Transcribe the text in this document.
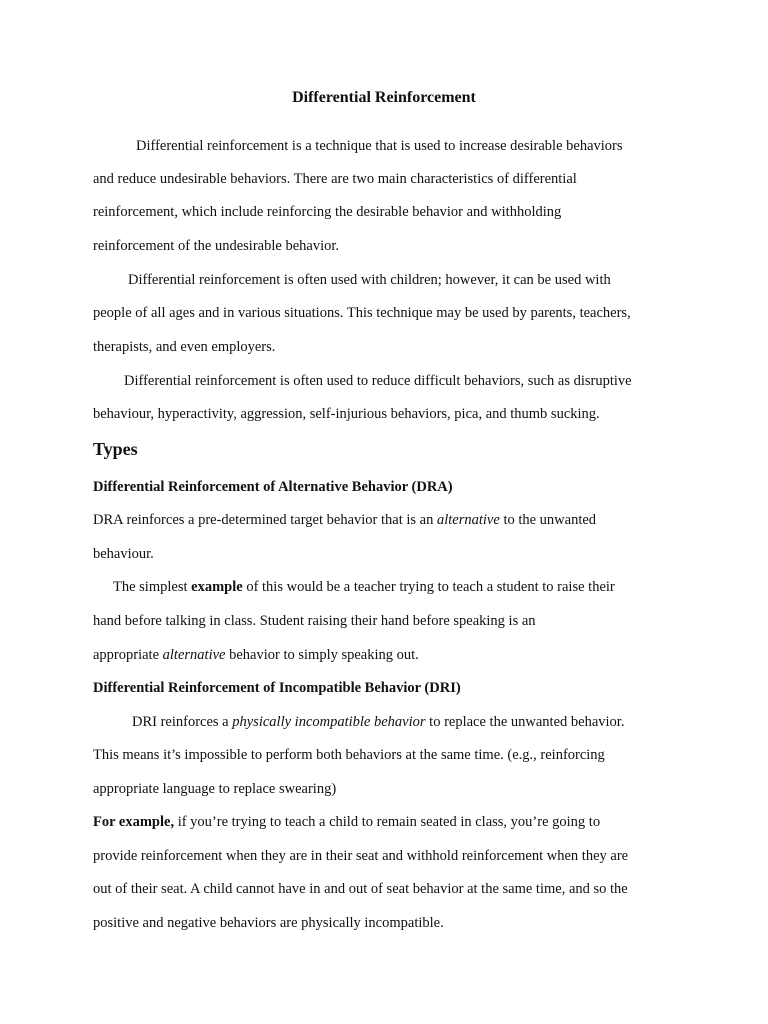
Differential Reinforcement
Differential reinforcement is a technique that is used to increase desirable behaviors
and reduce undesirable behaviors. There are two main characteristics of differential
reinforcement, which include reinforcing the desirable behavior and withholding
reinforcement of the undesirable behavior.
Differential reinforcement is often used with children; however, it can be used with
people of all ages and in various situations. This technique may be used by parents, teachers,
therapists, and even employers.
Differential reinforcement is often used to reduce difficult behaviors, such as disruptive
behaviour, hyperactivity, aggression, self-injurious behaviors, pica, and thumb sucking.
Types
Differential Reinforcement of Alternative Behavior (DRA)
DRA reinforces a pre-determined target behavior that is an alternative to the unwanted
behaviour.
The simplest example of this would be a teacher trying to teach a student to raise their
hand before talking in class. Student raising their hand before speaking is an
appropriate alternative behavior to simply speaking out.
Differential Reinforcement of Incompatible Behavior (DRI)
DRI reinforces a physically incompatible behavior to replace the unwanted behavior.
This means it’s impossible to perform both behaviors at the same time. (e.g., reinforcing
appropriate language to replace swearing)
For example, if you’re trying to teach a child to remain seated in class, you’re going to
provide reinforcement when they are in their seat and withhold reinforcement when they are
out of their seat. A child cannot have in and out of seat behavior at the same time, and so the
positive and negative behaviors are physically incompatible.
